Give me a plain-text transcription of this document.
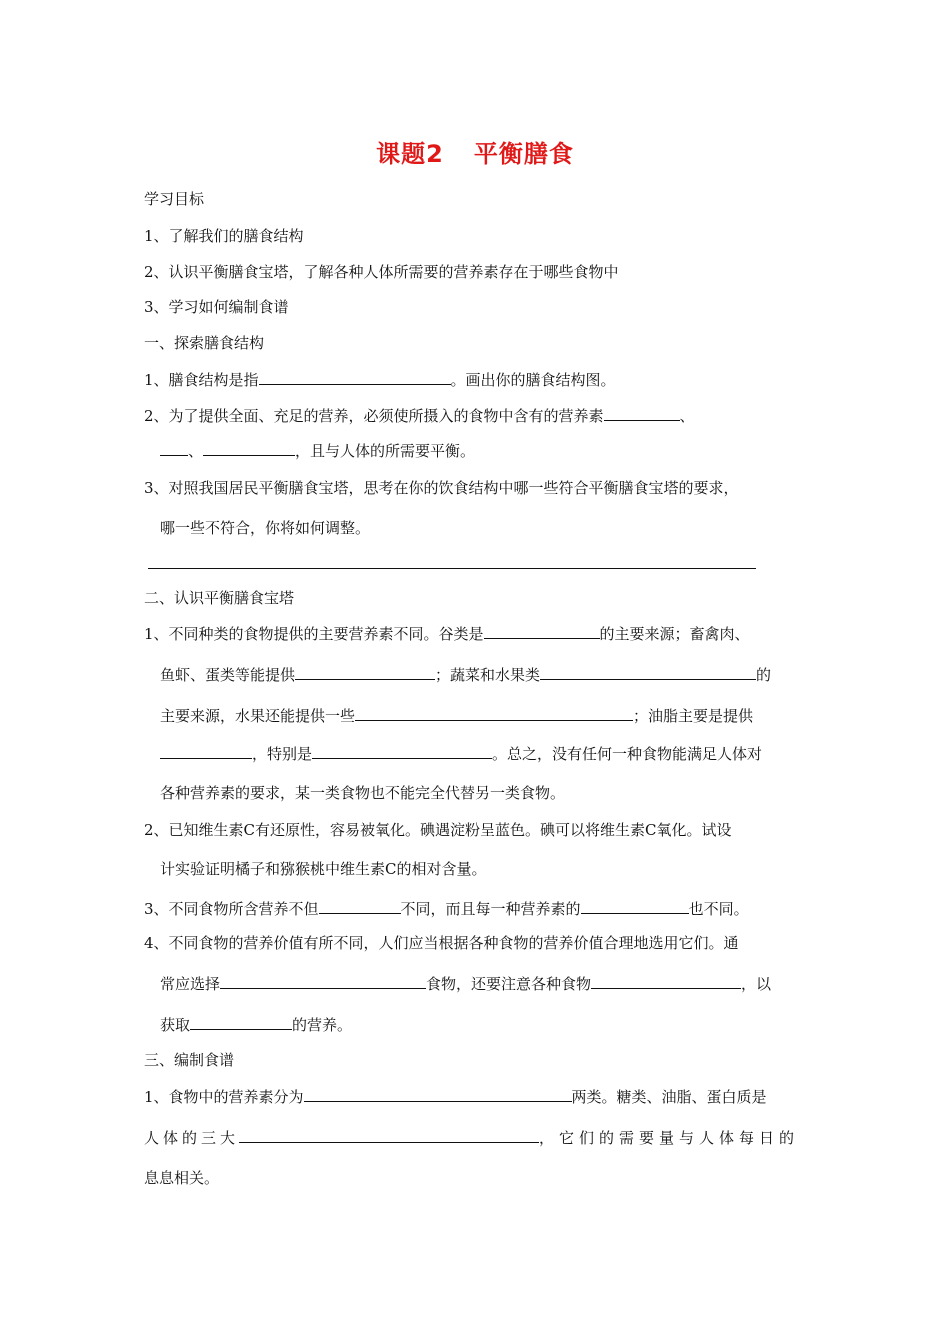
课题2 平衡膳食
学习目标
1、了解我们的膳食结构
2、认识平衡膳食宝塔，了解各种人体所需要的营养素存在于哪些食物中
3、学习如何编制食谱
一、探索膳食结构
1、膳食结构是指	。画出你的膳食结构图。
2、为了提供全面、充足的营养，必须使所摄入的食物中含有的营养素	、
、	，且与人体的所需要平衡。
3、对照我国居民平衡膳食宝塔，思考在你的饮食结构中哪一些符合平衡膳食宝塔的要求，
哪一些不符合，你将如何调整。
二、认识平衡膳食宝塔
1、不同种类的食物提供的主要营养素不同。谷类是	的主要来源；畜禽肉、
鱼虾、蛋类等能提供	；蔬菜和水果类	的
主要来源，水果还能提供一些	；油脂主要是提供
，特别是	。总之，没有任何一种食物能满足人体对
各种营养素的要求，某一类食物也不能完全代替另一类食物。
2、已知维生素C有还原性，容易被氧化。碘遇淀粉呈蓝色。碘可以将维生素C氧化。试设
计实验证明橘子和猕猴桃中维生素C的相对含量。
3、不同食物所含营养不但	不同，而且每一种营养素的	也不同。
4、不同食物的营养价值有所不同，人们应当根据各种食物的营养价值合理地选用它们。通
常应选择	食物，还要注意各种食物	，以
获取	的营养。
三、编制食谱
1、食物中的营养素分为	两类。糖类、油脂、蛋白质是
人体的三大	，它们的需要量与人体每日的
息息相关。
